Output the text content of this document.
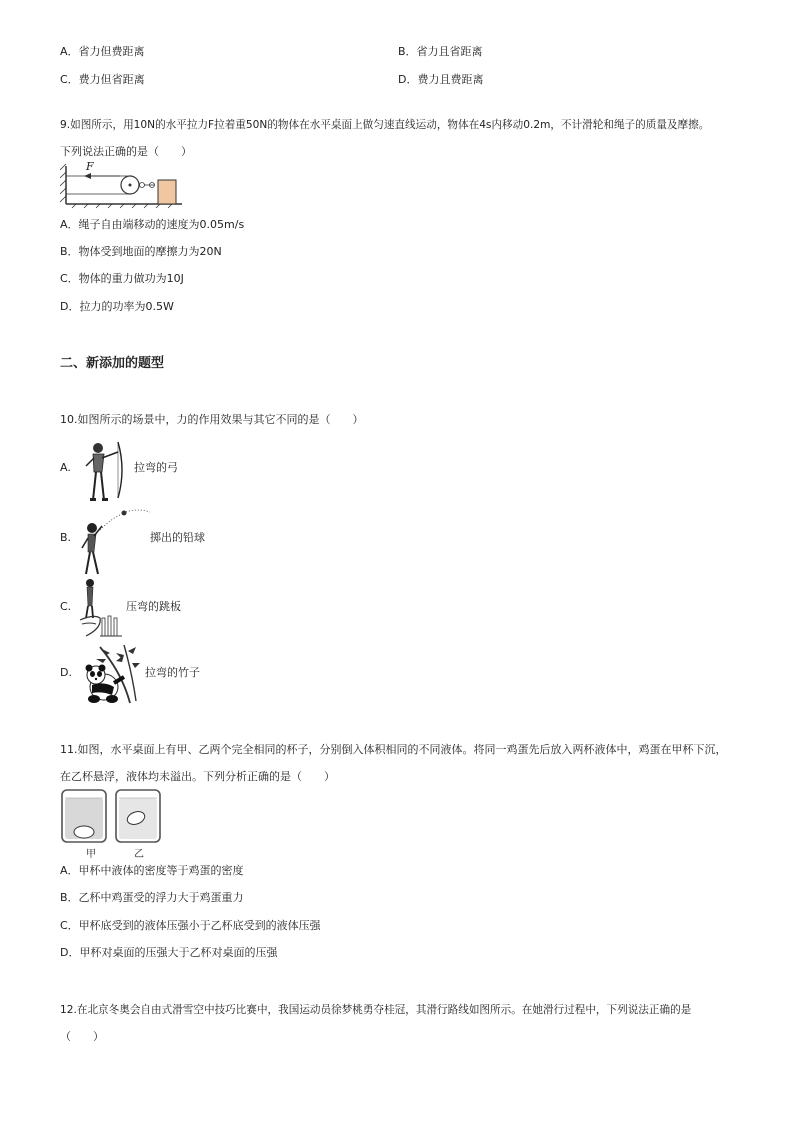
A．省力但费距离	B．省力且省距离
C．费力但省距离	D．费力且费距离
9.如图所示，用10N的水平拉力F拉着重50N的物体在水平桌面上做匀速直线运动，物体在4s内移动0.2m，不计滑轮和绳子的质量及摩擦。
下列说法正确的是（　　）
F
A．绳子自由端移动的速度为0.05m/s
B．物体受到地面的摩擦力为20N
C．物体的重力做功为10J
D．拉力的功率为0.5W
二、新添加的题型
10.如图所示的场景中，力的作用效果与其它不同的是（　　）
A.	拉弯的弓
B.	掷出的铅球
C.	压弯的跳板
D.	拉弯的竹子
11.如图，水平桌面上有甲、乙两个完全相同的杯子，分别倒入体积相同的不同液体。将同一鸡蛋先后放入两杯液体中，鸡蛋在甲杯下沉，
在乙杯悬浮，液体均未溢出。下列分析正确的是（　　）
甲	乙
A．甲杯中液体的密度等于鸡蛋的密度
B．乙杯中鸡蛋受的浮力大于鸡蛋重力
C．甲杯底受到的液体压强小于乙杯底受到的液体压强
D．甲杯对桌面的压强大于乙杯对桌面的压强
12.在北京冬奥会自由式滑雪空中技巧比赛中，我国运动员徐梦桃勇夺桂冠，其滑行路线如图所示。在她滑行过程中，下列说法正确的是
（　　）
